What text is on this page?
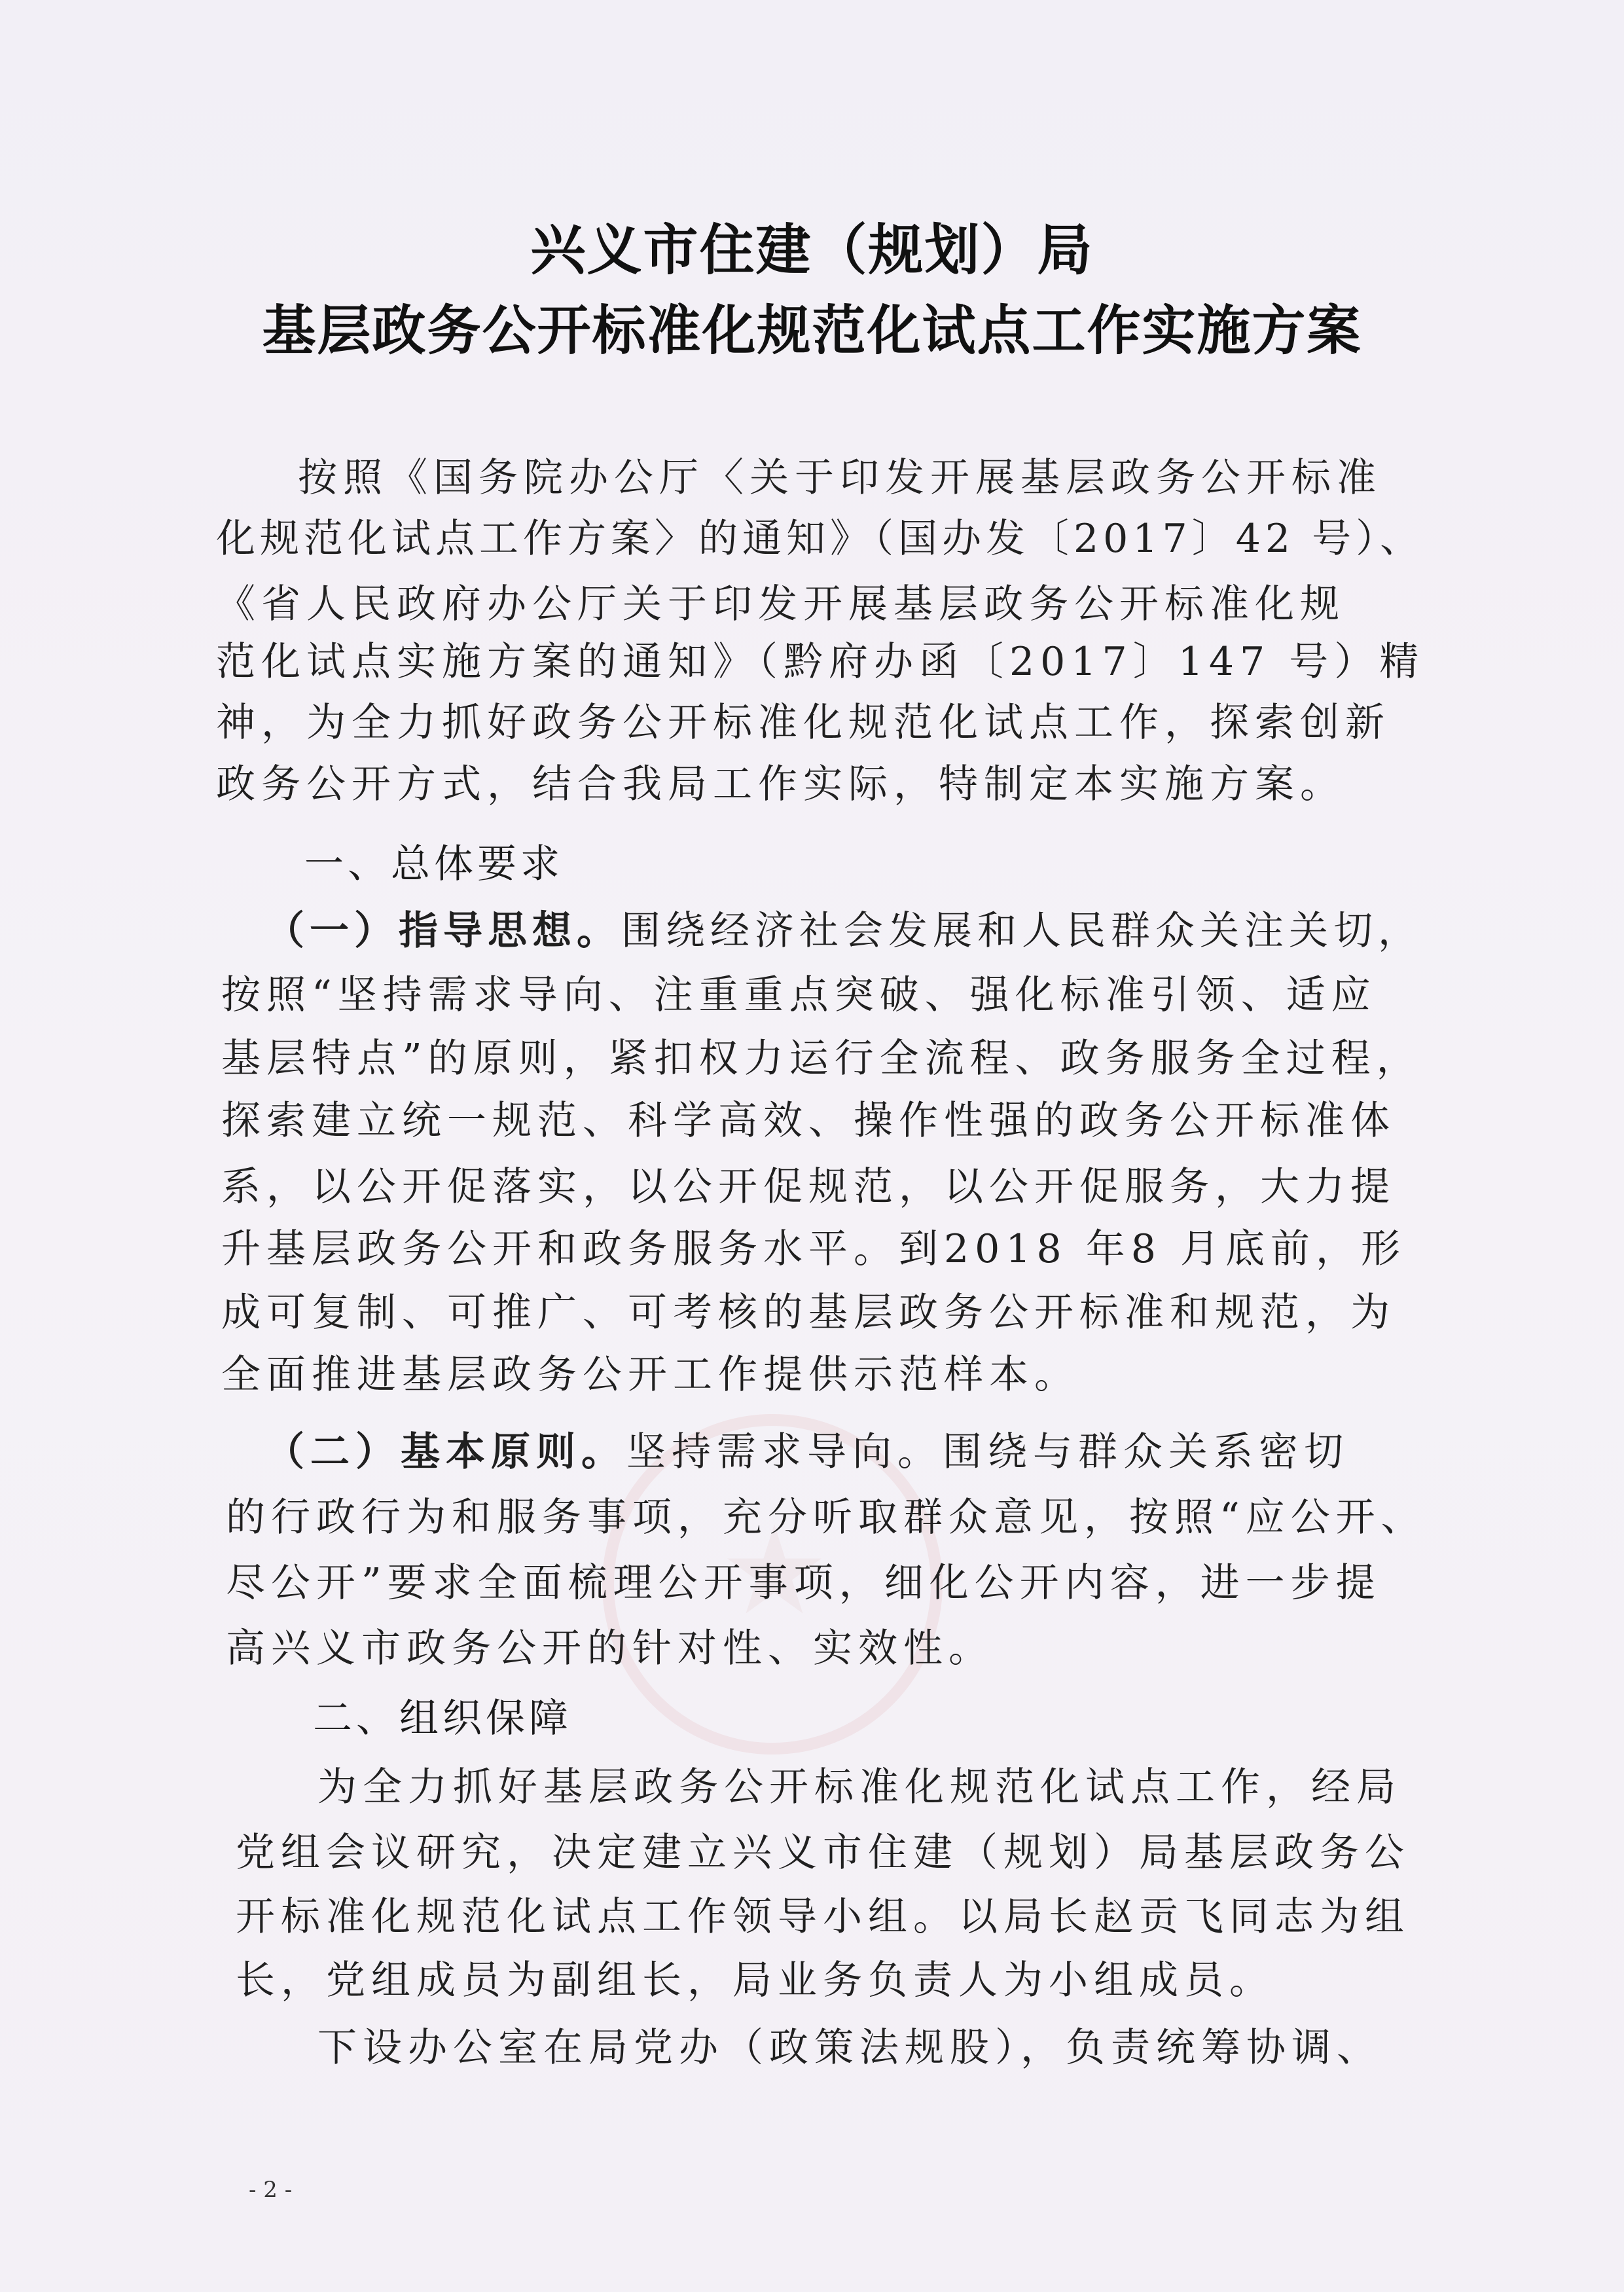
兴义市住建（规划）局
基层政务公开标准化规范化试点工作实施方案
按照《国务院办公厅〈关于印发开展基层政务公开标准
化规范化试点工作方案〉的通知》（国办发〔2017〕42 号）、
《省人民政府办公厅关于印发开展基层政务公开标准化规
范化试点实施方案的通知》（黔府办函〔2017〕147 号）精
神，为全力抓好政务公开标准化规范化试点工作，探索创新
政务公开方式，结合我局工作实际，特制定本实施方案。
一、总体要求
（一）指导思想。围绕经济社会发展和人民群众关注关切，
按照“坚持需求导向、注重重点突破、强化标准引领、适应
基层特点”的原则，紧扣权力运行全流程、政务服务全过程，
探索建立统一规范、科学高效、操作性强的政务公开标准体
系，以公开促落实，以公开促规范，以公开促服务，大力提
升基层政务公开和政务服务水平。到2018 年8 月底前，形
成可复制、可推广、可考核的基层政务公开标准和规范，为
全面推进基层政务公开工作提供示范样本。
（二）基本原则。坚持需求导向。围绕与群众关系密切
的行政行为和服务事项，充分听取群众意见，按照“应公开、
尽公开”要求全面梳理公开事项，细化公开内容，进一步提
高兴义市政务公开的针对性、实效性。
二、组织保障
为全力抓好基层政务公开标准化规范化试点工作，经局
党组会议研究，决定建立兴义市住建（规划）局基层政务公
开标准化规范化试点工作领导小组。以局长赵贡飞同志为组
长，党组成员为副组长，局业务负责人为小组成员。
下设办公室在局党办（政策法规股），负责统筹协调、
- 2 -
